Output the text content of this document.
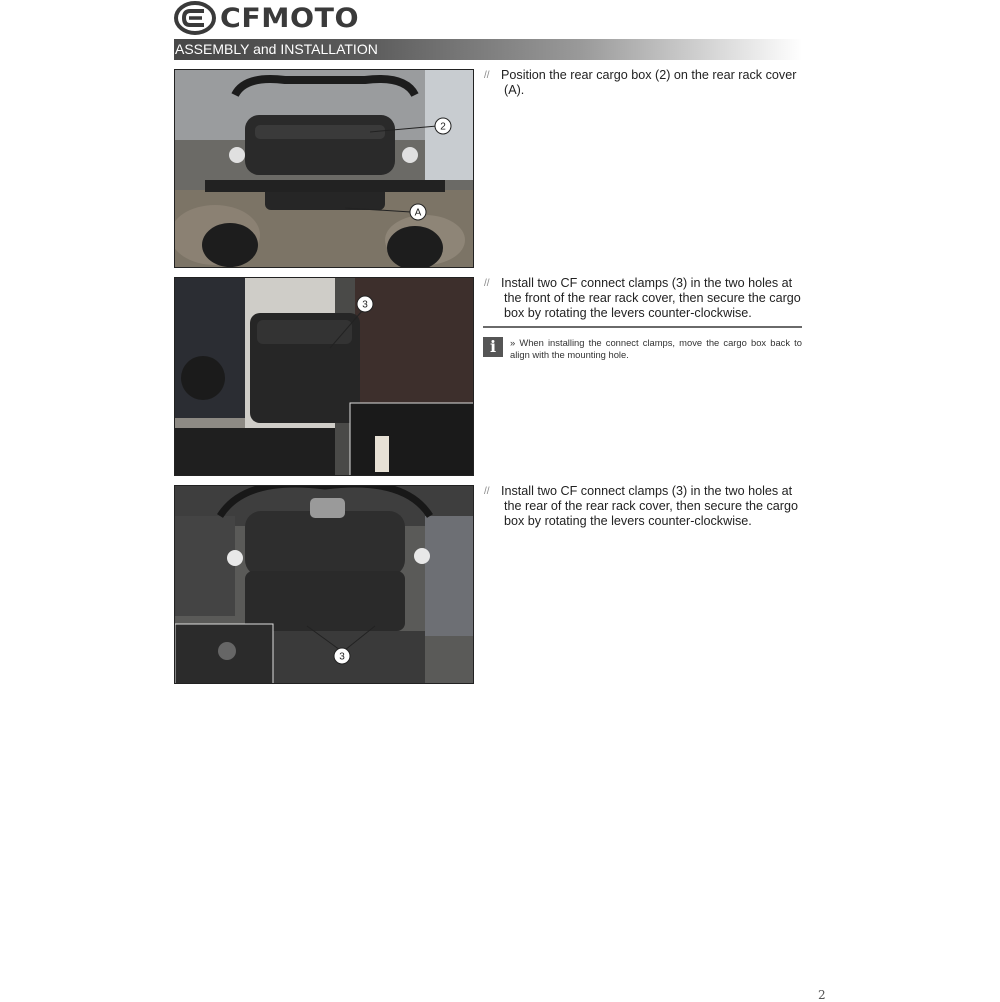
CFMOTO
ASSEMBLY and INSTALLATION
2
A
// Position the rear cargo box (2) on the rear rack cover
(A).
3
// Install two CF connect clamps (3) in the two holes at
the front of the rear rack cover, then secure the cargo
box by rotating the levers counter-clockwise.
i	» When installing the connect clamps, move the cargo box back to align with the mounting hole.
3
// Install two CF connect clamps (3) in the two holes at
the rear of the rear rack cover, then secure the cargo
box by rotating the levers counter-clockwise.
2
